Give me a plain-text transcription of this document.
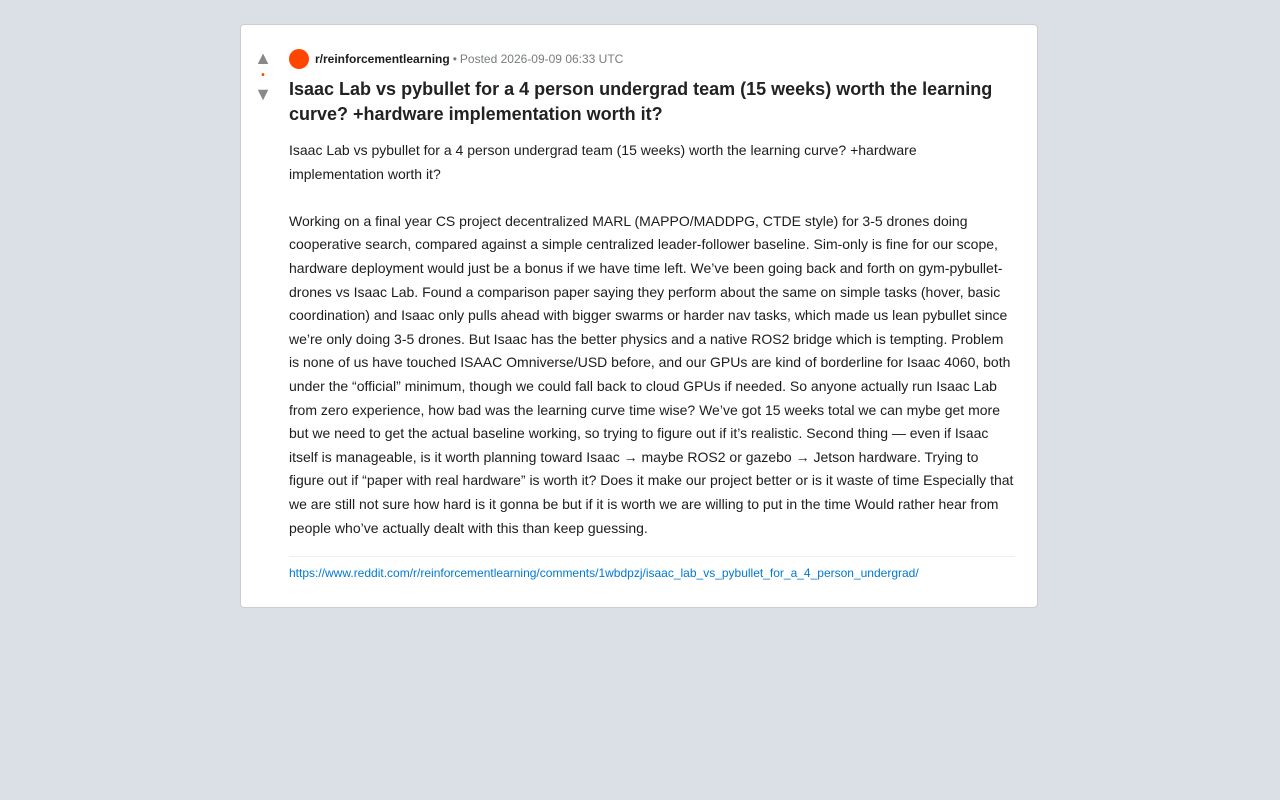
▲
•
▼
r/reinforcementlearning • Posted 2026-09-09 06:33 UTC
Isaac Lab vs pybullet for a 4 person undergrad team (15 weeks) worth the learning curve? +hardware implementation worth it?

Isaac Lab vs pybullet for a 4 person undergrad team (15 weeks) worth the learning curve? +hardware implementation worth it?

Working on a final year CS project decentralized MARL (MAPPO/MADDPG, CTDE style) for 3-5 drones doing cooperative search, compared against a simple centralized leader-follower baseline. Sim-only is fine for our scope, hardware deployment would just be a bonus if we have time left. We’ve been going back and forth on gym-pybullet-drones vs Isaac Lab. Found a comparison paper saying they perform about the same on simple tasks (hover, basic coordination) and Isaac only pulls ahead with bigger swarms or harder nav tasks, which made us lean pybullet since we’re only doing 3-5 drones. But Isaac has the better physics and a native ROS2 bridge which is tempting. Problem is none of us have touched ISAAC Omniverse/USD before, and our GPUs are kind of borderline for Isaac 4060, both under the “official” minimum, though we could fall back to cloud GPUs if needed. So anyone actually run Isaac Lab from zero experience, how bad was the learning curve time wise? We’ve got 15 weeks total we can mybe get more but we need to get the actual baseline working, so trying to figure out if it’s realistic. Second thing — even if Isaac itself is manageable, is it worth planning toward Isaac → maybe ROS2 or gazebo → Jetson hardware. Trying to figure out if “paper with real hardware” is worth it? Does it make our project better or is it waste of time Especially that we are still not sure how hard is it gonna be but if it is worth we are willing to put in the time Would rather hear from people who’ve actually dealt with this than keep guessing.

https://www.reddit.com/r/reinforcementlearning/comments/1wbdpzj/isaac_lab_vs_pybullet_for_a_4_person_undergrad/
